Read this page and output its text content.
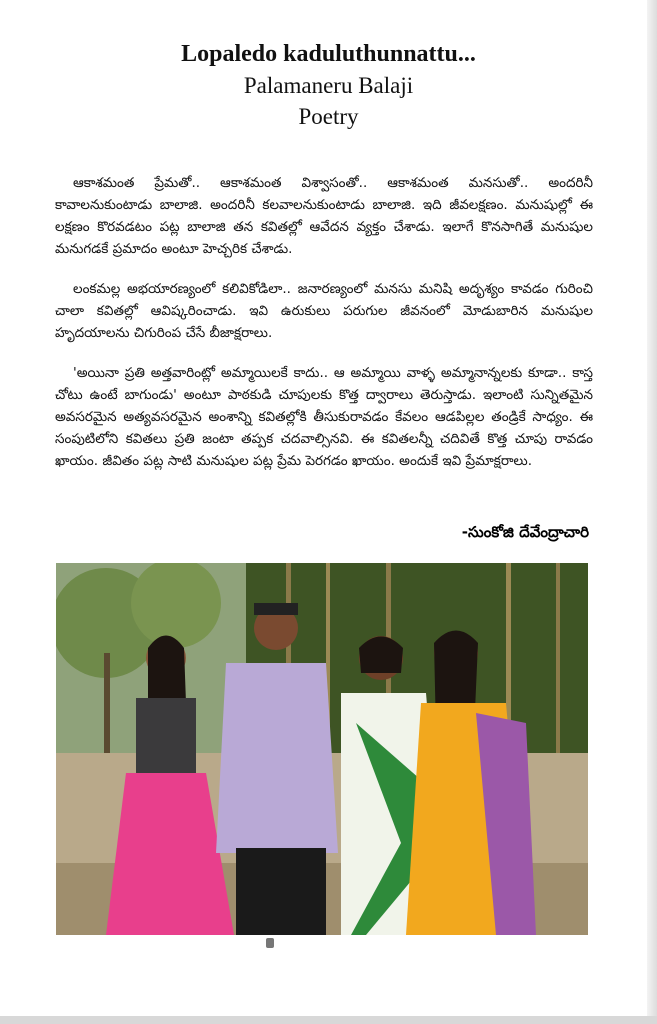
Lopaledo kaduluthunnattu...

Palamaneru Balaji

Poetry

ఆకాశమంత ప్రేమతో.. ఆకాశమంత విశ్వాసంతో.. ఆకాశమంత మనసుతో.. అందరినీ కావాలనుకుంటాడు బాలాజి. అందరినీ కలవాలనుకుంటాడు బాలాజి. ఇది జీవలక్షణం. మనుషుల్లో ఈ లక్షణం కొరవడటం పట్ల బాలాజి తన కవితల్లో ఆవేదన వ్యక్తం చేశాడు. ఇలాగే కొనసాగితే మనుషుల మనుగడకే ప్రమాదం అంటూ హెచ్చరిక చేశాడు.

లంకమల్ల అభయారణ్యంలో కలివికోడిలా.. జనారణ్యంలో మనసు మనిషి అదృశ్యం కావడం గురించి చాలా కవితల్లో ఆవిష్కరించాడు. ఇవి ఉరుకులు పరుగుల జీవనంలో మోడుబారిన మనుషుల హృదయాలను చిగురింప చేసే బీజాక్షరాలు.

'అయినా ప్రతి అత్తవారింట్లో అమ్మాయిలకే కాదు.. ఆ అమ్మాయి వాళ్ళ అమ్మానాన్నలకు కూడా.. కాస్త చోటు ఉంటే బాగుండు' అంటూ పాఠకుడి చూపులకు కొత్త ద్వారాలు తెరుస్తాడు. ఇలాంటి సున్నితమైన అవసరమైన అత్యవసరమైన అంశాన్ని కవితల్లోకి తీసుకురావడం కేవలం ఆడపిల్లల తండ్రికే సాధ్యం. ఈ సంపుటిలోని కవితలు ప్రతి జంటా తప్పక చదవాల్సినవి. ఈ కవితలన్నీ చదివితే కొత్త చూపు రావడం ఖాయం. జీవితం పట్ల సాటి మనుషుల పట్ల ప్రేమ పెరగడం ఖాయం. అందుకే ఇవి ప్రేమాక్షరాలు.

-సుంకోజి దేవేంద్రాచారి
